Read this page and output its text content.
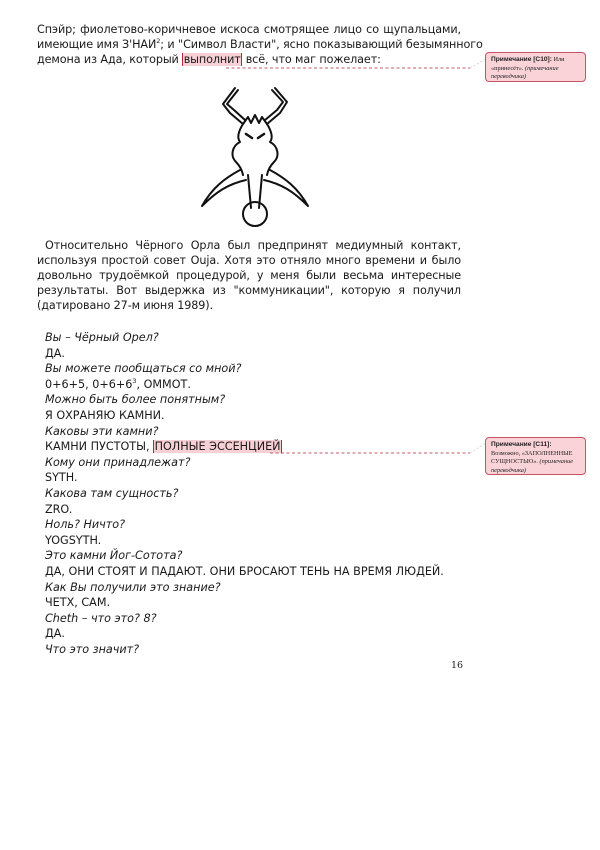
Спэйр; фиолетово-коричневое искоса смотрящее лицо со щупальцами,
имеющие имя З'НАИ$^2$; и "Символ Власти", ясно показывающий безымянного
демона из Ада, который выполнит всё, что маг пожелает:
Относительно Чёрного Орла был предпринят медиумный контакт,
используя простой совет Ouja. Хотя это отняло много времени и было
довольно трудоёмкой процедурой, у меня были весьма интересные
результаты. Вот выдержка из "коммуникации", которую я получил
(датировано 27-м июня 1989).
Вы – Чёрный Орел?
ДА.
Вы можете пообщаться со мной?
0+6+5, $0+6+6^3$, ОММОТ.
Можно быть более понятным?
Я ОХРАНЯЮ КАМНИ.
Каковы эти камни?
КАМНИ ПУСТОТЫ, ПОЛНЫЕ ЭССЕНЦИЕЙ
Кому они принадлежат?
SYTH.
Какова там сущность?
ZRO.
Ноль? Ничто?
YOGSYTH.
Это камни Йог-Сотота?
ДА, ОНИ СТОЯТ И ПАДАЮТ. ОНИ БРОСАЮТ ТЕНЬ НА ВРЕМЯ ЛЮДЕЙ.
Как Вы получили это знание?
ЧЕТХ, САМ.
Cheth – что это? 8?
ДА.
Что это значит?
16
Примечание [C10]: Или «принесёт». (примечание переводчика)
Примечание [C11]: Возможно, «ЗАПОЛНЕННЫЕ СУЩНОСТЬЮ». (примечание переводчика)
